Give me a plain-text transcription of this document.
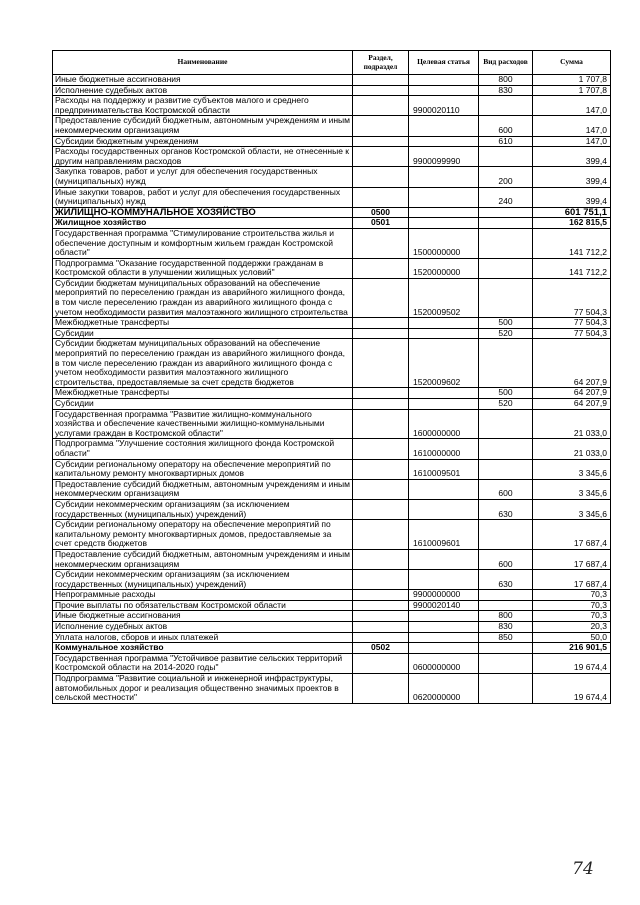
Наименование	Раздел, подраздел	Целевая статья	Вид расходов	Сумма
Иные бюджетные ассигнования			800	1 707,8
Исполнение судебных актов			830	1 707,8
Расходы на поддержку и развитие субъектов малого и среднего предпринимательства Костромской области		9900020110		147,0
Предоставление субсидий бюджетным, автономным учреждениям и иным некоммерческим организациям			600	147,0
Субсидии бюджетным учреждениям			610	147,0
Расходы государственных органов Костромской области, не отнесенные к другим направлениям расходов		9900099990		399,4
Закупка товаров, работ и услуг для обеспечения государственных (муниципальных) нужд			200	399,4
Иные закупки товаров, работ и услуг для обеспечения государственных (муниципальных) нужд			240	399,4
ЖИЛИЩНО-КОММУНАЛЬНОЕ ХОЗЯЙСТВО	0500			601 751,1
Жилищное хозяйство	0501			162 815,5
Государственная программа "Стимулирование строительства жилья и обеспечение доступным и комфортным жильем граждан Костромской области"		1500000000		141 712,2
Подпрограмма "Оказание государственной поддержки гражданам в Костромской области в улучшении жилищных условий"		1520000000		141 712,2
Субсидии бюджетам муниципальных образований на обеспечение мероприятий по переселению граждан из аварийного жилищного фонда, в том числе переселению граждан из аварийного жилищного фонда с учетом необходимости развития малоэтажного жилищного строительства		1520009502		77 504,3
Межбюджетные трансферты			500	77 504,3
Субсидии			520	77 504,3
Субсидии бюджетам муниципальных образований на обеспечение мероприятий по переселению граждан из аварийного жилищного фонда, в том числе переселению граждан из аварийного жилищного фонда с учетом необходимости развития малоэтажного жилищного строительства, предоставляемые за счет средств бюджетов		1520009602		64 207,9
Межбюджетные трансферты			500	64 207,9
Субсидии			520	64 207,9
Государственная программа "Развитие жилищно-коммунального хозяйства и обеспечение качественными жилищно-коммунальными услугами граждан в Костромской области"		1600000000		21 033,0
Подпрограмма "Улучшение состояния жилищного фонда Костромской области"		1610000000		21 033,0
Субсидии региональному оператору на обеспечение мероприятий по капитальному ремонту многоквартирных домов		1610009501		3 345,6
Предоставление субсидий бюджетным, автономным учреждениям и иным некоммерческим организациям			600	3 345,6
Субсидии некоммерческим организациям (за исключением государственных (муниципальных) учреждений)			630	3 345,6
Субсидии региональному оператору на обеспечение мероприятий по капитальному ремонту многоквартирных домов, предоставляемые за счет средств бюджетов		1610009601		17 687,4
Предоставление субсидий бюджетным, автономным учреждениям и иным некоммерческим организациям			600	17 687,4
Субсидии некоммерческим организациям (за исключением государственных (муниципальных) учреждений)			630	17 687,4
Непрограммные расходы		9900000000		70,3
Прочие выплаты по обязательствам Костромской области		9900020140		70,3
Иные бюджетные ассигнования			800	70,3
Исполнение судебных актов			830	20,3
Уплата налогов, сборов и иных платежей			850	50,0
Коммунальное хозяйство	0502			216 901,5
Государственная программа "Устойчивое развитие сельских территорий Костромской области на 2014-2020 годы"		0600000000		19 674,4
Подпрограмма "Развитие социальной и инженерной инфраструктуры, автомобильных дорог и реализация общественно значимых проектов в сельской местности"		0620000000		19 674,4
74
